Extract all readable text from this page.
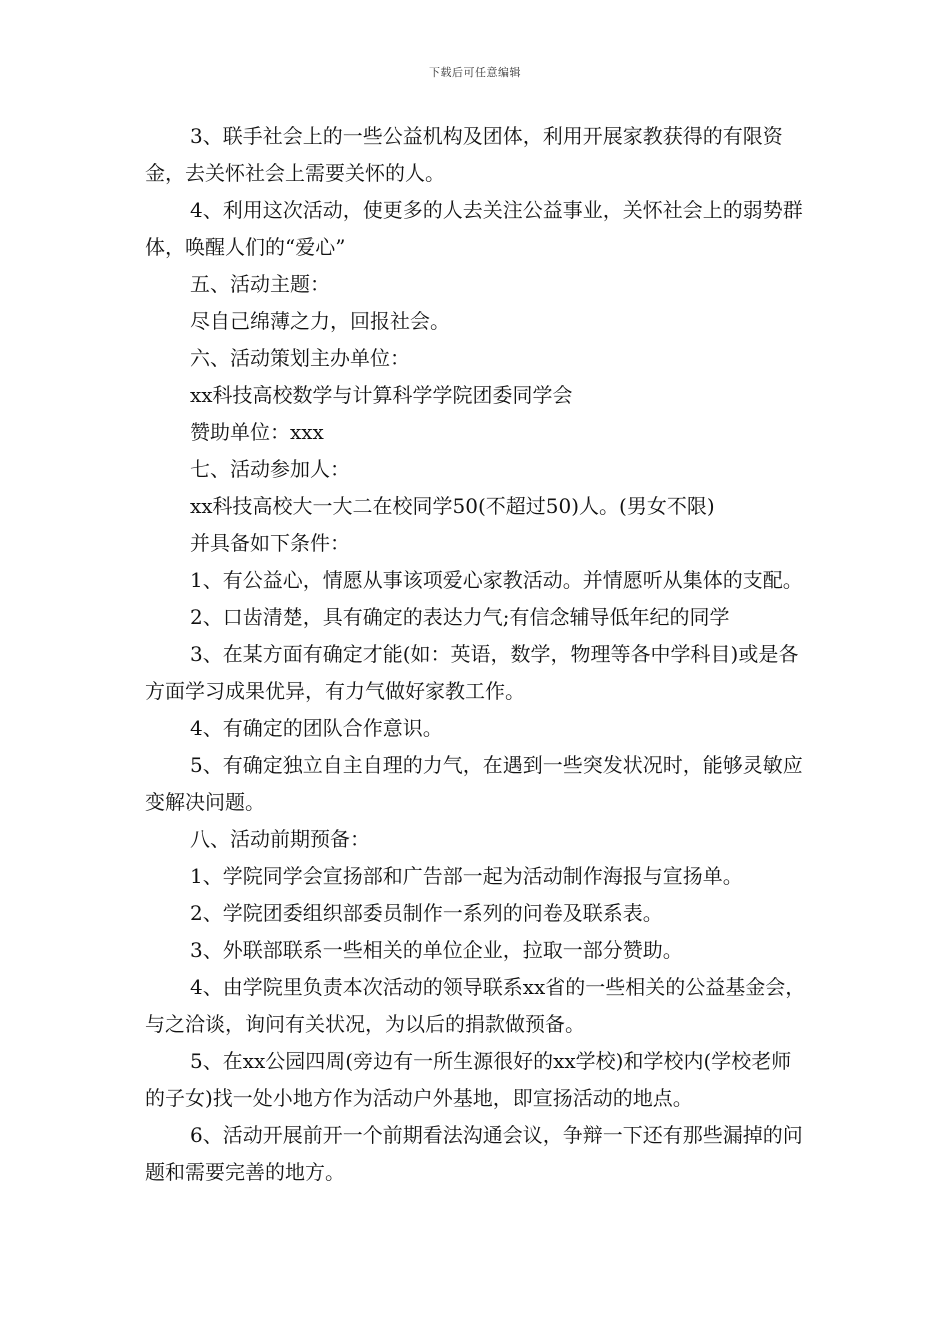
下载后可任意编辑

3、联手社会上的一些公益机构及团体，利用开展家教获得的有限资金，去关怀社会上需要关怀的人。

4、利用这次活动，使更多的人去关注公益事业，关怀社会上的弱势群体，唤醒人们的“爱心”

五、活动主题：

尽自己绵薄之力，回报社会。

六、活动策划主办单位：

xx科技高校数学与计算科学学院团委同学会

赞助单位：xxx

七、活动参加人：

xx科技高校大一大二在校同学50(不超过50)人。(男女不限)

并具备如下条件：

1、有公益心，情愿从事该项爱心家教活动。并情愿听从集体的支配。

2、口齿清楚，具有确定的表达力气;有信念辅导低年纪的同学

3、在某方面有确定才能(如：英语，数学，物理等各中学科目)或是各方面学习成果优异，有力气做好家教工作。

4、有确定的团队合作意识。

5、有确定独立自主自理的力气，在遇到一些突发状况时，能够灵敏应变解决问题。

八、活动前期预备：

1、学院同学会宣扬部和广告部一起为活动制作海报与宣扬单。

2、学院团委组织部委员制作一系列的问卷及联系表。

3、外联部联系一些相关的单位企业，拉取一部分赞助。

4、由学院里负责本次活动的领导联系xx省的一些相关的公益基金会，与之洽谈，询问有关状况，为以后的捐款做预备。

5、在xx公园四周(旁边有一所生源很好的xx学校)和学校内(学校老师的子女)找一处小地方作为活动户外基地，即宣扬活动的地点。

6、活动开展前开一个前期看法沟通会议，争辩一下还有那些漏掉的问题和需要完善的地方。
